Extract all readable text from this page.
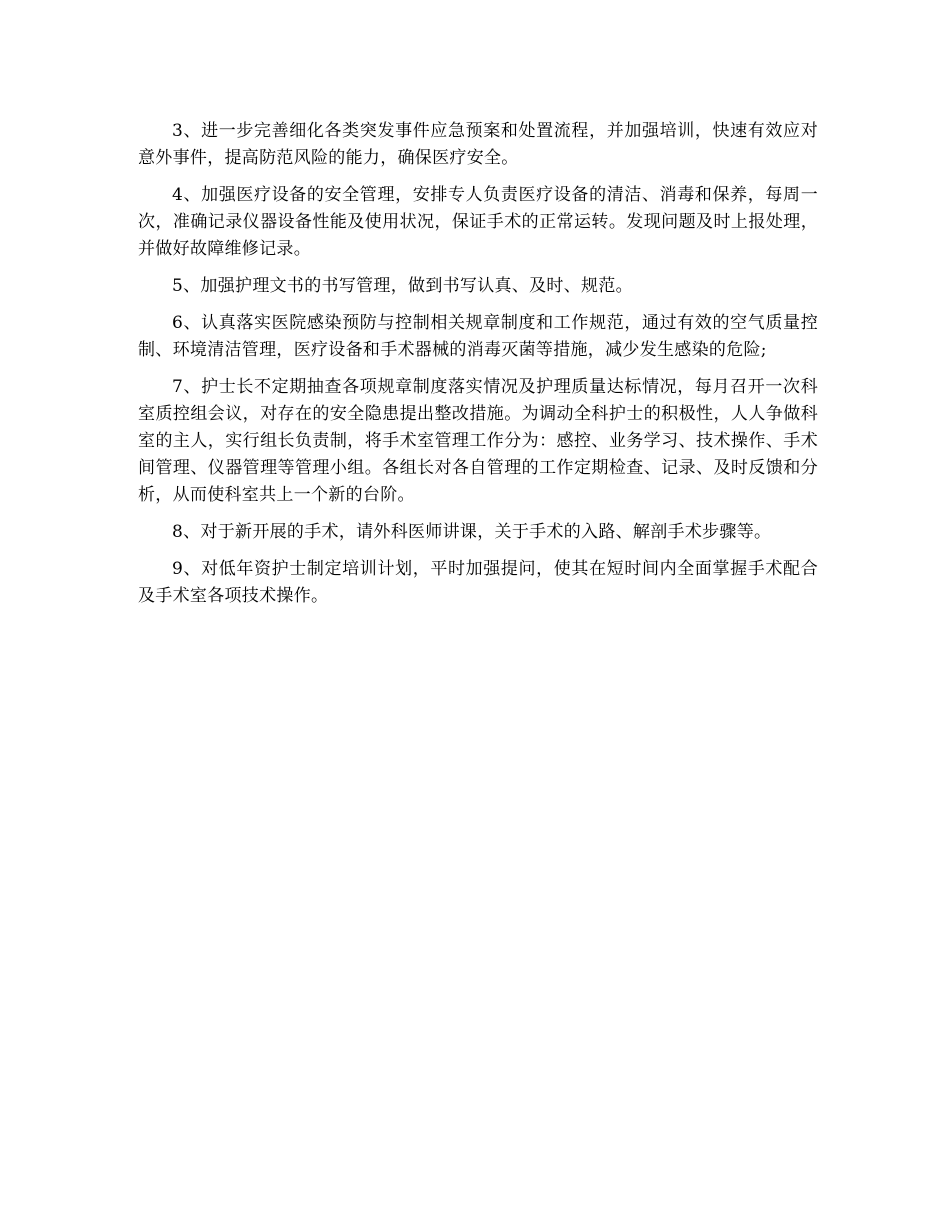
3、进一步完善细化各类突发事件应急预案和处置流程，并加强培训，快速有效应对意外事件，提高防范风险的能力，确保医疗安全。

4、加强医疗设备的安全管理，安排专人负责医疗设备的清洁、消毒和保养，每周一次，准确记录仪器设备性能及使用状况，保证手术的正常运转。发现问题及时上报处理，并做好故障维修记录。

5、加强护理文书的书写管理，做到书写认真、及时、规范。

6、认真落实医院感染预防与控制相关规章制度和工作规范，通过有效的空气质量控制、环境清洁管理，医疗设备和手术器械的消毒灭菌等措施，减少发生感染的危险;

7、护士长不定期抽查各项规章制度落实情况及护理质量达标情况，每月召开一次科室质控组会议，对存在的安全隐患提出整改措施。为调动全科护士的积极性，人人争做科室的主人，实行组长负责制，将手术室管理工作分为：感控、业务学习、技术操作、手术间管理、仪器管理等管理小组。各组长对各自管理的工作定期检查、记录、及时反馈和分析，从而使科室共上一个新的台阶。

8、对于新开展的手术，请外科医师讲课，关于手术的入路、解剖手术步骤等。

9、对低年资护士制定培训计划，平时加强提问，使其在短时间内全面掌握手术配合及手术室各项技术操作。
